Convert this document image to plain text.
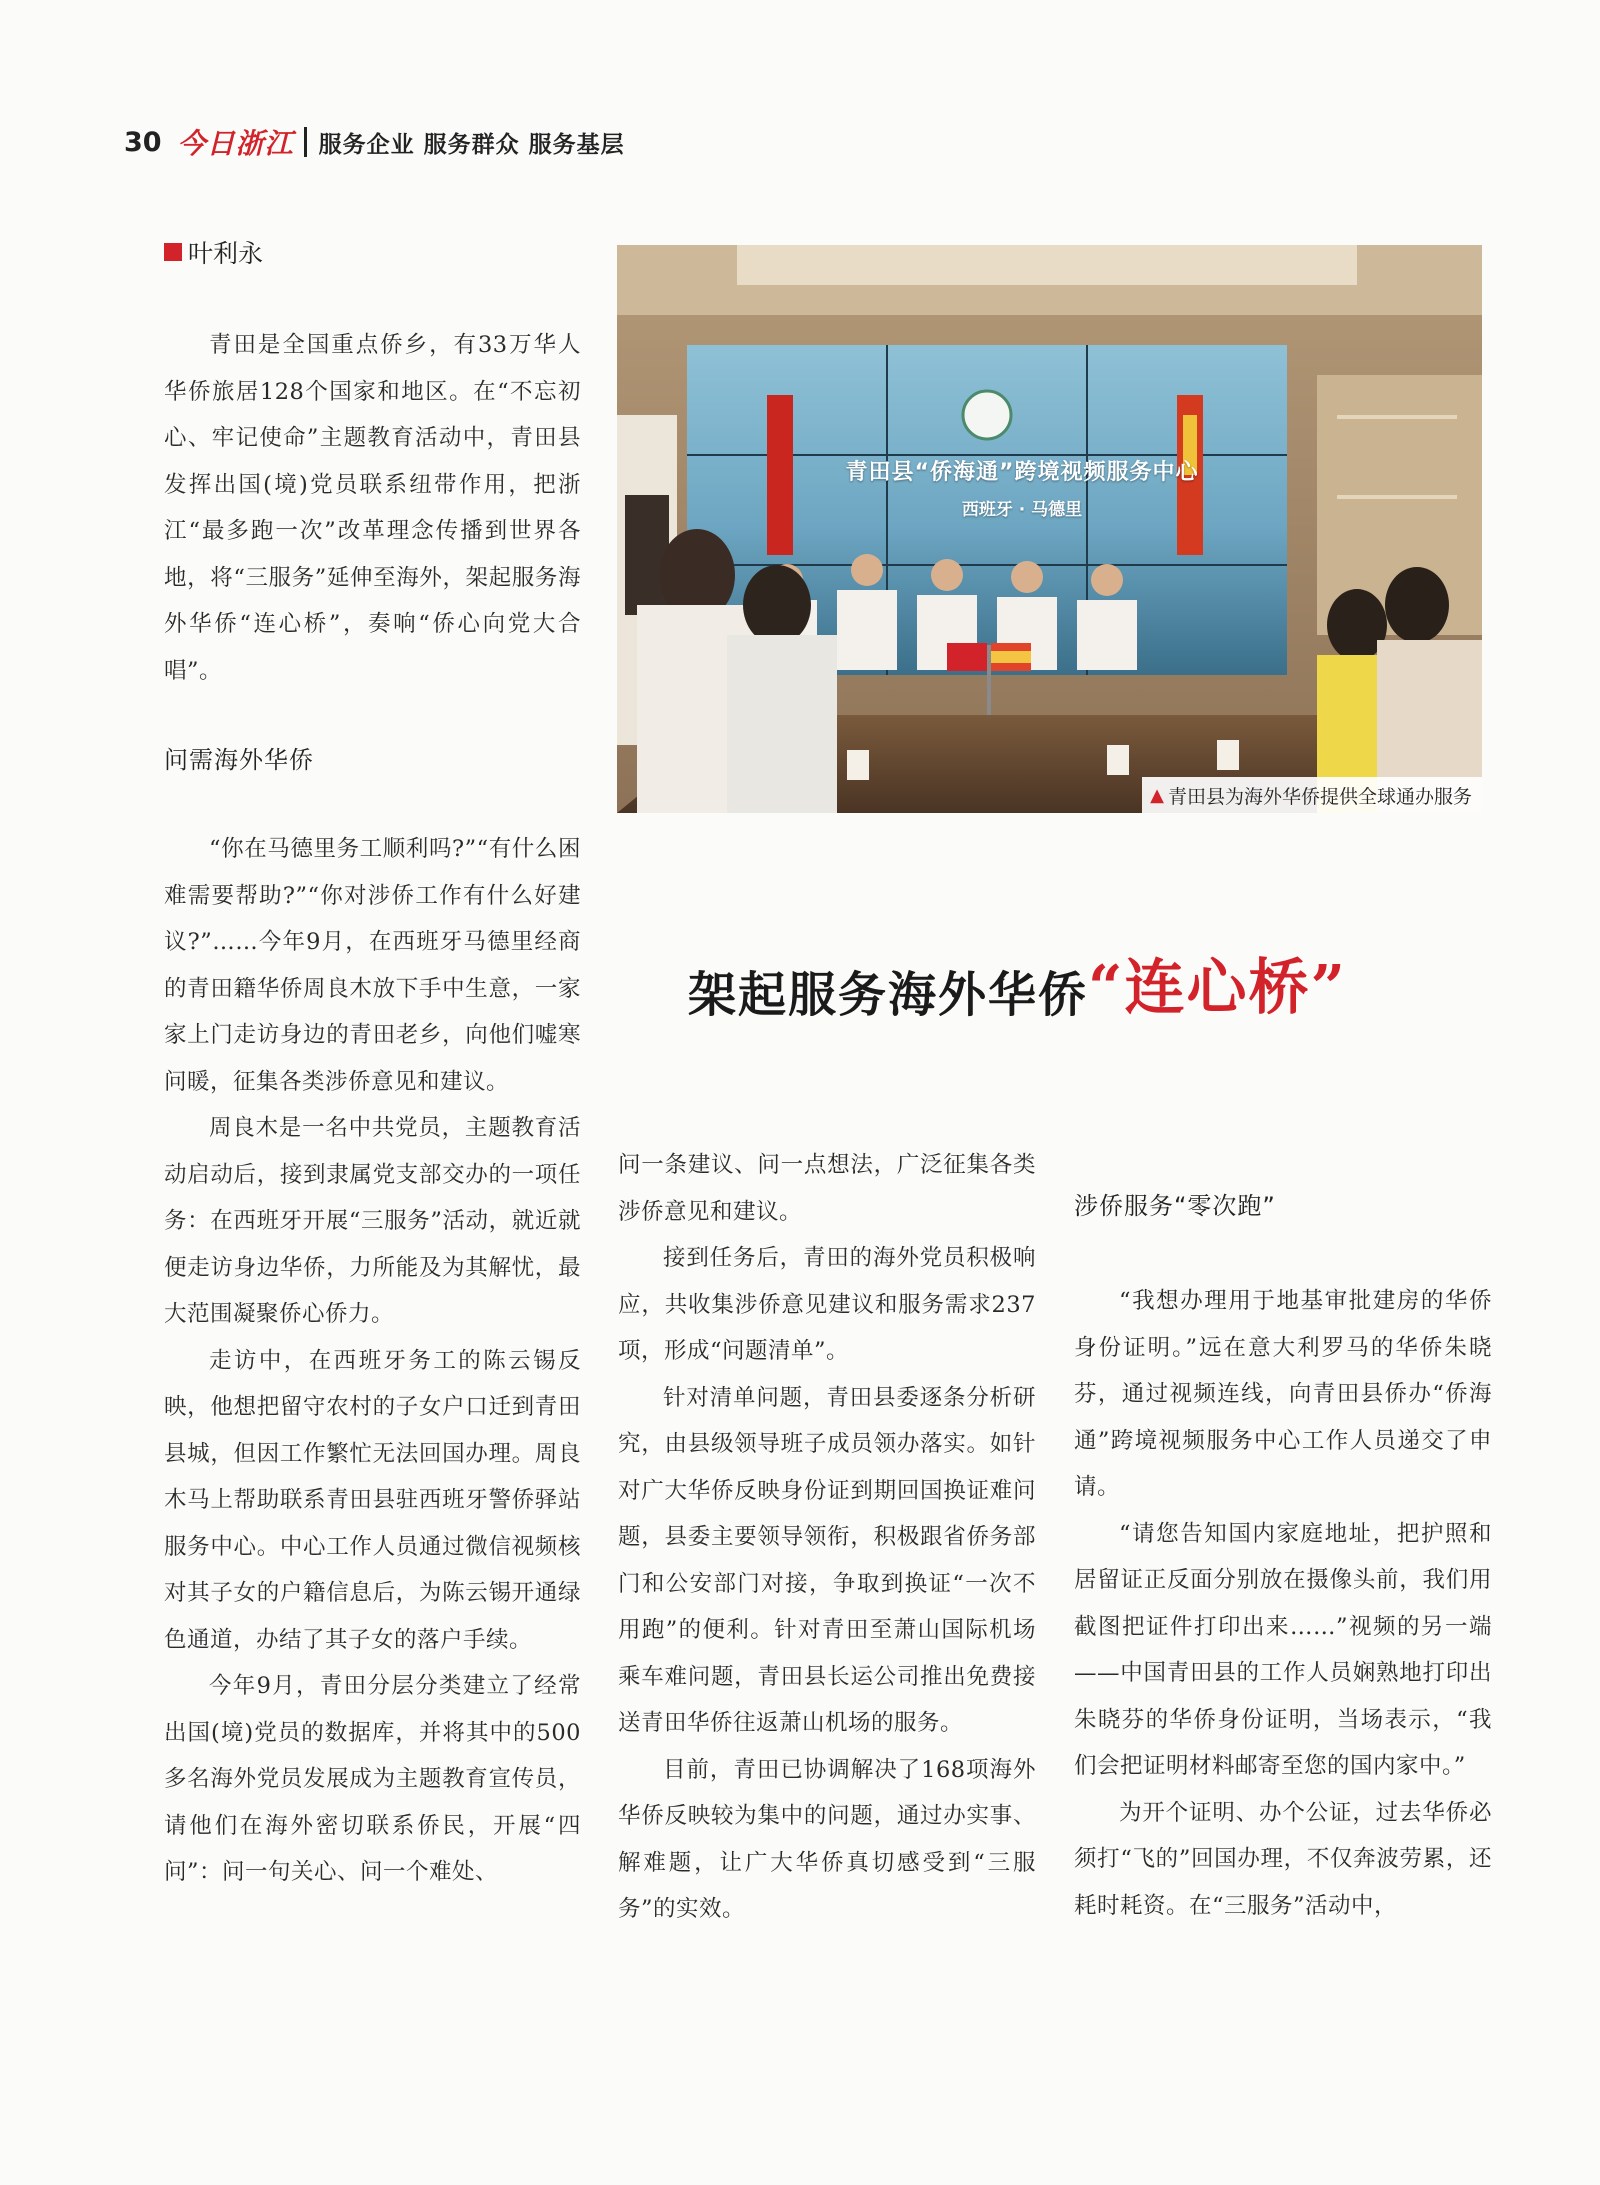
30 今日浙江 服务企业 服务群众 服务基层
叶利永
青田县“侨海通”跨境视频服务中心
西班牙 · 马德里
▲ 青田县为海外华侨提供全球通办服务
架起服务海外华侨 “连心桥”

青田是全国重点侨乡，有33万华人华侨旅居128个国家和地区。在“不忘初心、牢记使命”主题教育活动中，青田县发挥出国(境)党员联系纽带作用，把浙江“最多跑一次”改革理念传播到世界各地，将“三服务”延伸至海外，架起服务海外华侨“连心桥”，奏响“侨心向党大合唱”。

问需海外华侨

“你在马德里务工顺利吗?”“有什么困难需要帮助?”“你对涉侨工作有什么好建议?”……今年9月，在西班牙马德里经商的青田籍华侨周良木放下手中生意，一家家上门走访身边的青田老乡，向他们嘘寒问暖，征集各类涉侨意见和建议。

周良木是一名中共党员，主题教育活动启动后，接到隶属党支部交办的一项任务：在西班牙开展“三服务”活动，就近就便走访身边华侨，力所能及为其解忧，最大范围凝聚侨心侨力。

走访中，在西班牙务工的陈云锡反映，他想把留守农村的子女户口迁到青田县城，但因工作繁忙无法回国办理。周良木马上帮助联系青田县驻西班牙警侨驿站服务中心。中心工作人员通过微信视频核对其子女的户籍信息后，为陈云锡开通绿色通道，办结了其子女的落户手续。

今年9月，青田分层分类建立了经常出国(境)党员的数据库，并将其中的500多名海外党员发展成为主题教育宣传员，请他们在海外密切联系侨民，开展“四问”：问一句关心、问一个难处、

问一条建议、问一点想法，广泛征集各类涉侨意见和建议。

接到任务后，青田的海外党员积极响应，共收集涉侨意见建议和服务需求237项，形成“问题清单”。

针对清单问题，青田县委逐条分析研究，由县级领导班子成员领办落实。如针对广大华侨反映身份证到期回国换证难问题，县委主要领导领衔，积极跟省侨务部门和公安部门对接，争取到换证“一次不用跑”的便利。针对青田至萧山国际机场乘车难问题，青田县长运公司推出免费接送青田华侨往返萧山机场的服务。

目前，青田已协调解决了168项海外华侨反映较为集中的问题，通过办实事、解难题，让广大华侨真切感受到“三服务”的实效。

涉侨服务“零次跑”

“我想办理用于地基审批建房的华侨身份证明。”远在意大利罗马的华侨朱晓芬，通过视频连线，向青田县侨办“侨海通”跨境视频服务中心工作人员递交了申请。

“请您告知国内家庭地址，把护照和居留证正反面分别放在摄像头前，我们用截图把证件打印出来……”视频的另一端——中国青田县的工作人员娴熟地打印出朱晓芬的华侨身份证明，当场表示，“我们会把证明材料邮寄至您的国内家中。”

为开个证明、办个公证，过去华侨必须打“飞的”回国办理，不仅奔波劳累，还耗时耗资。在“三服务”活动中，
